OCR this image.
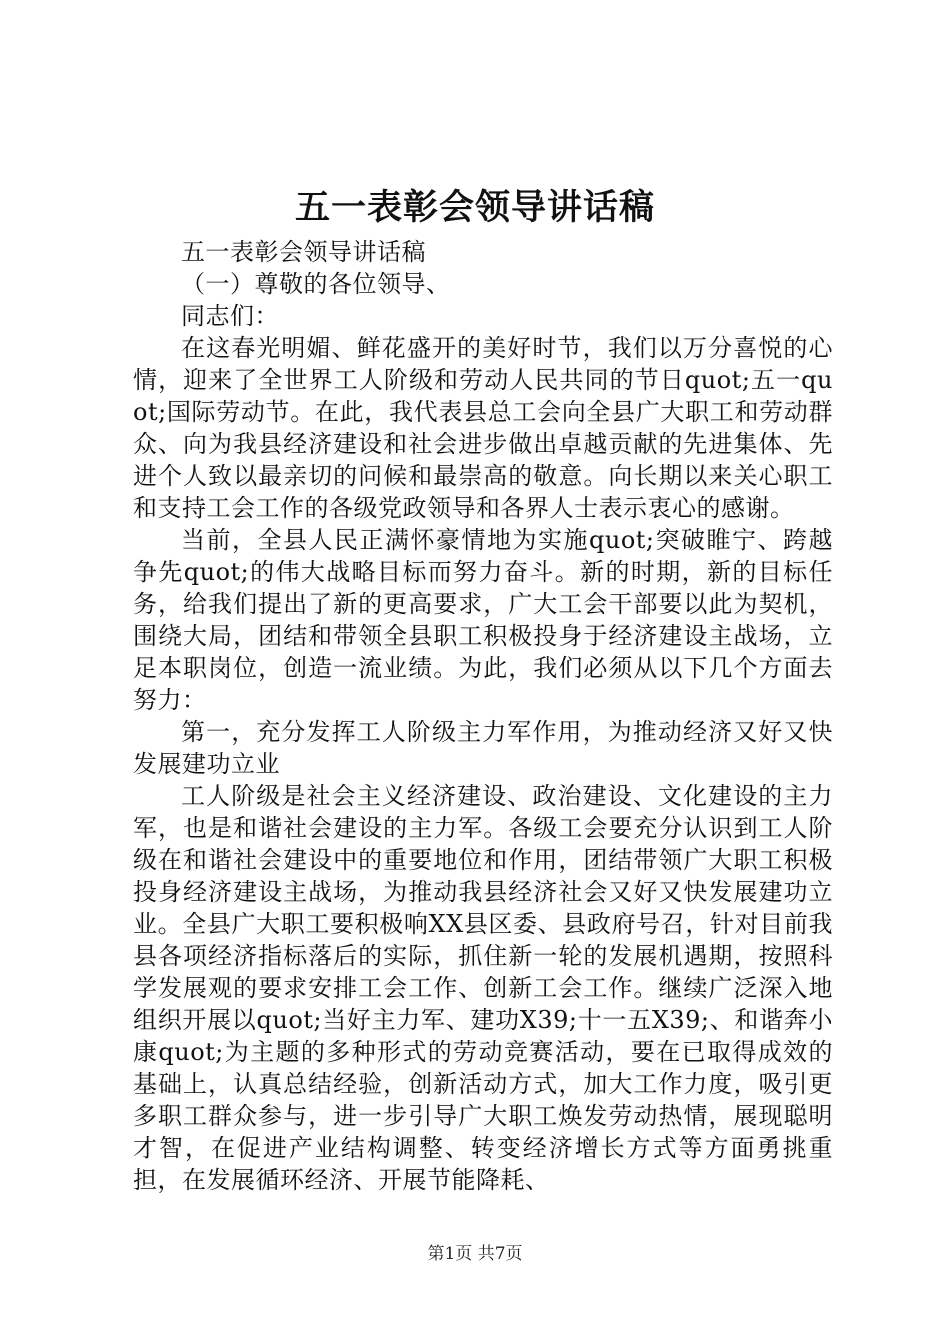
五一表彰会领导讲话稿

五一表彰会领导讲话稿

（一）尊敬的各位领导、

同志们：

在这春光明媚、鲜花盛开的美好时节，我们以万分喜悦的心情，迎来了全世界工人阶级和劳动人民共同的节日quot;五一quot;国际劳动节。在此，我代表县总工会向全县广大职工和劳动群众、向为我县经济建设和社会进步做出卓越贡献的先进集体、先进个人致以最亲切的问候和最崇高的敬意。向长期以来关心职工和支持工会工作的各级党政领导和各界人士表示衷心的感谢。

当前，全县人民正满怀豪情地为实施quot;突破睢宁、跨越争先quot;的伟大战略目标而努力奋斗。新的时期，新的目标任务，给我们提出了新的更高要求，广大工会干部要以此为契机，围绕大局，团结和带领全县职工积极投身于经济建设主战场，立足本职岗位，创造一流业绩。为此，我们必须从以下几个方面去努力：

第一，充分发挥工人阶级主力军作用，为推动经济又好又快发展建功立业

工人阶级是社会主义经济建设、政治建设、文化建设的主力军，也是和谐社会建设的主力军。各级工会要充分认识到工人阶级在和谐社会建设中的重要地位和作用，团结带领广大职工积极投身经济建设主战场，为推动我县经济社会又好又快发展建功立业。全县广大职工要积极响XX县区委、县政府号召，针对目前我县各项经济指标落后的实际，抓住新一轮的发展机遇期，按照科学发展观的要求安排工会工作、创新工会工作。继续广泛深入地组织开展以quot;当好主力军、建功X39;十一五X39;、和谐奔小康quot;为主题的多种形式的劳动竞赛活动，要在已取得成效的基础上，认真总结经验，创新活动方式，加大工作力度，吸引更多职工群众参与，进一步引导广大职工焕发劳动热情，展现聪明才智，在促进产业结构调整、转变经济增长方式等方面勇挑重担，在发展循环经济、开展节能降耗、

第1页 共7页
